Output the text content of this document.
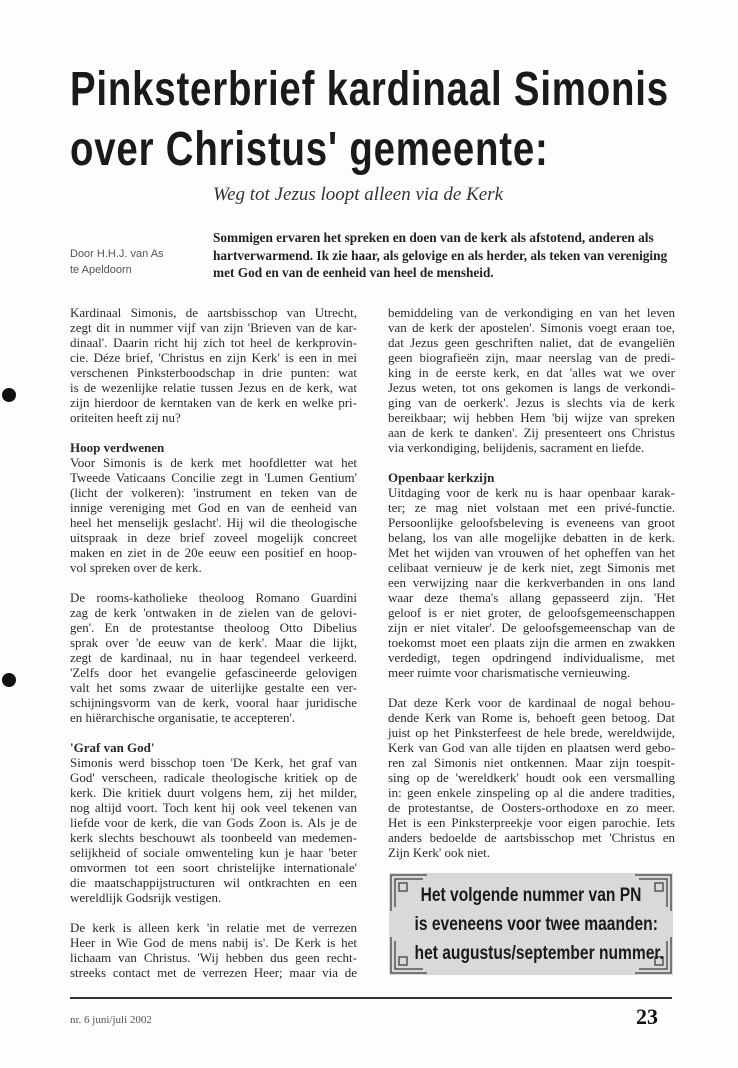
Pinksterbrief kardinaal Simonis
over Christus' gemeente:
Weg tot Jezus loopt alleen via de Kerk
Door H.H.J. van As
te Apeldoorn
Sommigen ervaren het spreken en doen van de kerk als afstotend, anderen als hartverwarmend. Ik zie haar, als gelovige en als herder, als teken van vereniging met God en van de eenheid van heel de mensheid.
Kardinaal Simonis, de aartsbisschop van Utrecht,
zegt dit in nummer vijf van zijn 'Brieven van de kar-
dinaal'. Daarin richt hij zich tot heel de kerkprovin-
cie. Déze brief, 'Christus en zijn Kerk' is een in mei
verschenen Pinksterboodschap in drie punten: wat
is de wezenlijke relatie tussen Jezus en de kerk, wat
zijn hierdoor de kerntaken van de kerk en welke pri-
oriteiten heeft zij nu?
Hoop verdwenen
Voor Simonis is de kerk met hoofdletter wat het
Tweede Vaticaans Concilie zegt in 'Lumen Gentium'
(licht der volkeren): 'instrument en teken van de
innige vereniging met God en van de eenheid van
heel het menselijk geslacht'. Hij wil die theologische
uitspraak in deze brief zoveel mogelijk concreet
maken en ziet in de 20e eeuw een positief en hoop-
vol spreken over de kerk.
De rooms-katholieke theoloog Romano Guardini
zag de kerk 'ontwaken in de zielen van de gelovi-
gen'. En de protestantse theoloog Otto Dibelius
sprak over 'de eeuw van de kerk'. Maar die lijkt,
zegt de kardinaal, nu in haar tegendeel verkeerd.
'Zelfs door het evangelie gefascineerde gelovigen
valt het soms zwaar de uiterlijke gestalte een ver-
schijningsvorm van de kerk, vooral haar juridische
en hiërarchische organisatie, te accepteren'.
'Graf van God'
Simonis werd bisschop toen 'De Kerk, het graf van
God' verscheen, radicale theologische kritiek op de
kerk. Die kritiek duurt volgens hem, zij het milder,
nog altijd voort. Toch kent hij ook veel tekenen van
liefde voor de kerk, die van Gods Zoon is. Als je de
kerk slechts beschouwt als toonbeeld van medemen-
selijkheid of sociale omwenteling kun je haar 'beter
omvormen tot een soort christelijke internationale'
die maatschappijstructuren wil ontkrachten en een
wereldlijk Godsrijk vestigen.
De kerk is alleen kerk 'in relatie met de verrezen
Heer in Wie God de mens nabij is'. De Kerk is het
lichaam van Christus. 'Wij hebben dus geen recht-
streeks contact met de verrezen Heer; maar via de
bemiddeling van de verkondiging en van het leven
van de kerk der apostelen'. Simonis voegt eraan toe,
dat Jezus geen geschriften naliet, dat de evangeliën
geen biografieën zijn, maar neerslag van de predi-
king in de eerste kerk, en dat 'alles wat we over
Jezus weten, tot ons gekomen is langs de verkondi-
ging van de oerkerk'. Jezus is slechts via de kerk
bereikbaar; wij hebben Hem 'bij wijze van spreken
aan de kerk te danken'. Zij presenteert ons Christus
via verkondiging, belijdenis, sacrament en liefde.
Openbaar kerkzijn
Uitdaging voor de kerk nu is haar openbaar karak-
ter; ze mag niet volstaan met een privé-functie.
Persoonlijke geloofsbeleving is eveneens van groot
belang, los van alle mogelijke debatten in de kerk.
Met het wijden van vrouwen of het opheffen van het
celibaat vernieuw je de kerk niet, zegt Simonis met
een verwijzing naar die kerkverbanden in ons land
waar deze thema's allang gepasseerd zijn. 'Het
geloof is er niet groter, de geloofsgemeenschappen
zijn er niet vitaler'. De geloofsgemeenschap van de
toekomst moet een plaats zijn die armen en zwakken
verdedigt, tegen opdringend individualisme, met
meer ruimte voor charismatische vernieuwing.
Dat deze Kerk voor de kardinaal de nogal behou-
dende Kerk van Rome is, behoeft geen betoog. Dat
juist op het Pinksterfeest de hele brede, wereldwijde,
Kerk van God van alle tijden en plaatsen werd gebo-
ren zal Simonis niet ontkennen. Maar zijn toespit-
sing op de 'wereldkerk' houdt ook een versmalling
in: geen enkele zinspeling op al die andere tradities,
de protestantse, de Oosters-orthodoxe en zo meer.
Het is een Pinksterpreekje voor eigen parochie. Iets
anders bedoelde de aartsbisschop met 'Christus en
Zijn Kerk' ook niet.
Het volgende nummer van PN
is eveneens voor twee maanden:
het augustus/september nummer.
nr. 6 juni/juli 2002	23
